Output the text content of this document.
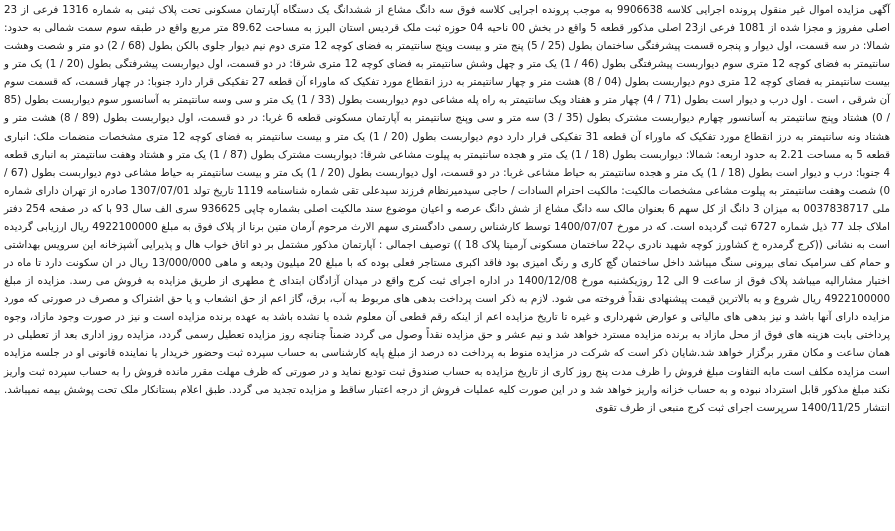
آگهی مزایده اموال غیر منقول پرونده اجرایی کلاسه 9906638 به موجب پرونده اجرایی کلاسه فوق سه دانگ مشاع از ششدانگ یک دستگاه آپارتمان مسکونی تحت پلاک ثبتی به شماره 1316 فرعی از 23 اصلی مفروز و مجزا شده از 1081 فرعی از23 اصلی مذکور قطعه 5 واقع در بخش 00 ناحیه 04 حوزه ثبت ملک قردیس استان البرز به مساحت 89.62 متر مربع واقع در طبقه سوم سمت شمالی به حدود: شمالا: در سه قسمت، اول دیوار و پنجره قسمت پیشرفتگی ساختمان بطول (25 / 5) پنج متر و بیست وپنج سانتیمتر به فضای کوچه 12 متری دوم نیم دیوار جلوی بالکن بطول (68 / 2) دو متر و شصت وهشت سانتیمتر به فضای کوچه 12 متری سوم دیواربست پیشرفتگی بطول (46 / 1) یک متر و چهل وشش سانتیمتر به فضای کوچه 12 متری شرقا: در دو قسمت، اول دیواربست پیشرفتگی بطول (20 / 1) یک متر و بیست سانتیمتر به فضای کوچه 12 متری دوم دیواربست بطول (04 / 8) هشت متر و چهار سانتیمتر به درز انقطاع مورد تفکیک که ماوراء آن قطعه 27 تفکیکی قرار دارد جنوبا: در چهار قسمت، که قسمت سوم آن شرقی ، است . اول درب و دیوار است بطول (71 / 4) چهار متر و هفتاد ویک سانتیمتر به راه پله مشاعی دوم دیواربست بطول (33 / 1) یک متر و سی وسه سانتیمتر به آسانسور سوم دیواربست بطول (85 / 0) هشتاد وپنج سانتیمتر به آسانسور چهارم دیواربست مشترک بطول (35 / 3) سه متر و سی وپنج سانتیمتر به آپارتمان مسکونی قطعه 6 غربا: در دو قسمت، اول دیواربست بطول (89 / 8) هشت متر و هشتاد ونه سانتیمتر به درز انقطاع مورد تفکیک که ماوراء آن قطعه 31 تفکیکی قرار دارد دوم دیواربست بطول (20 / 1) یک متر و بیست سانتیمتر به فضای کوچه 12 متری مشخصات منضمات ملک: انباری قطعه 5 به مساحت 2.21 به حدود اربعه: شمالا: دیواربست بطول (18 / 1) یک متر و هجده سانتیمتر به پیلوت مشاعی شرقا: دیواربست مشترک بطول (87 / 1) یک متر و هشتاد وهفت سانتیمتر به انباری قطعه 4 جنوبا: درب و دیوار است بطول (18 / 1) یک متر و هجده سانتیمتر به حیاط مشاعی غربا: در دو قسمت، اول دیواربست بطول (20 / 1) یک متر و بیست سانتیمتر به حیاط مشاعی دوم دیواربست بطول (67 / 0) شصت وهفت سانتیمتر به پیلوت مشاعی مشخصات مالکیت: مالکیت احترام السادات / حاجی سیدمیرنظام فرزند سیدعلی تقی شماره شناسنامه 1119 تاریخ تولد 1307/07/01 صادره از تهران دارای شماره ملی 0037838717 به میزان 3 دانگ از کل سهم 6 بعنوان مالک سه دانگ مشاع از شش دانگ عرصه و اعیان موضوع سند مالکیت اصلی بشماره چاپی 936625 سری الف سال 93 با که در صفحه 254 دفتر املاک جلد 77 ذیل شماره 6727 ثبت گردیده است. که در مورخ 1400/07/07 توسط کارشناس رسمی دادگستری سهم الارث مرحوم آرمان متین برنا از پلاک فوق به مبلغ 4922100000 ریال ارزیابی گردیده است به نشانی ((کرج گرمدره خ کشاورز کوچه شهید نادری پ22 ساختمان مسکونی آرمیتا پلاک 18 )) توصیف اجمالی : آپارتمان مذکور مشتمل بر دو اتاق خواب هال و پذیرایی آشپزخانه این سرویس بهداشتی و حمام کف سرامیک نمای بیرونی سنگ میباشد داخل ساختمان گچ کاری و رنگ امیزی بود فاقد اکبری مستاجر فعلی بوده که با مبلغ 20 میلیون ودیعه و ماهی 13/000/000 ریال در ان سکونت دارد تا ماه در اختیار مشارالیه میباشد پلاک فوق از ساعت 9 الی 12 روزیکشنبه مورخ 1400/12/08 در اداره اجرای ثبت کرج واقع در میدان آزادگان ابتدای خ مطهری از طریق مزایده به فروش می رسد. مزایده از مبلغ 4922100000 ریال شروع و به بالاترین قیمت پیشنهادی نقداً فروخته می شود. لازم به ذکر است پرداخت بدهی های مربوط به آب، برق، گاز اعم از حق انشعاب و یا حق اشتراک و مصرف در صورتی که مورد مزایده دارای آنها باشد و نیز بدهی های مالیاتی و عوارض شهرداری و غیره تا تاریخ مزایده اعم از اینکه رقم قطعی آن معلوم شده یا نشده باشد به عهده برنده مزایده است و نیز در صورت وجود مازاد، وجوه پرداختی بابت هزینه های فوق از محل مازاد به برنده مزایده مسترد خواهد شد و نیم عشر و حق مزایده نقداً وصول می گردد ضمناً چنانچه روز مزایده تعطیل رسمی گردد، مزایده روز اداری بعد از تعطیلی در همان ساعت و مکان مقرر برگزار خواهد شد.شایان ذکر است که شرکت در مزایده منوط به پرداخت ده درصد از مبلغ پایه کارشناسی به حساب سپرده ثبت وحضور خریدار یا نماینده قانونی او در جلسه مزایده است مزایده مکلف است مابه التفاوت مبلغ فروش را ظرف مدت پنج روز کاری از تاریخ مزایده به حساب صندوق ثبت تودیع نماید و در صورتی که ظرف مهلت مقرر مانده فروش را به حساب سپرده ثبت واریز نکند مبلغ مذکور قابل استرداد نبوده و به حساب خزانه واریز خواهد شد و در این صورت کلیه عملیات فروش از درجه اعتبار ساقط و مزایده تجدید می گردد. طبق اعلام بستانکار ملک تحت پوشش بیمه نمیباشد. انتشار 1400/11/25 سرپرست اجرای ثبت کرج منبعی از طرف تقوی
